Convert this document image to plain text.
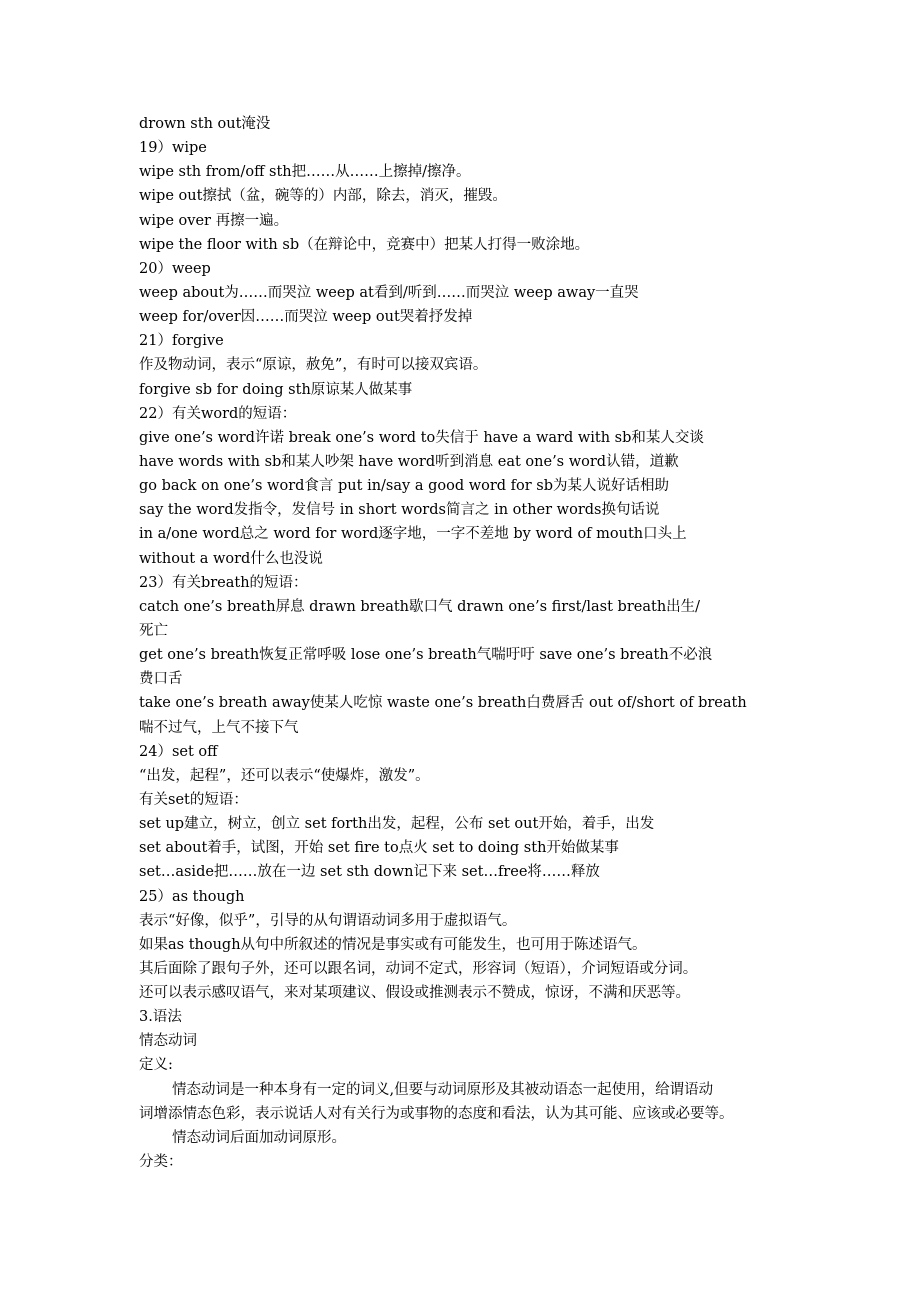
drown sth out淹没
19）wipe
wipe sth from/off sth把……从……上擦掉/擦净。
wipe out擦拭（盆，碗等的）内部，除去，消灭，摧毁。
wipe over 再擦一遍。
wipe the floor with sb（在辩论中，竞赛中）把某人打得一败涂地。
20）weep
weep about为……而哭泣 weep at看到/听到……而哭泣 weep away一直哭
weep for/over因……而哭泣 weep out哭着抒发掉
21）forgive
作及物动词，表示“原谅，赦免”，有时可以接双宾语。
forgive sb for doing sth原谅某人做某事
22）有关word的短语：
give one’s word许诺 break one’s word to失信于 have a ward with sb和某人交谈
have words with sb和某人吵架 have word听到消息 eat one’s word认错，道歉
go back on one’s word食言 put in/say a good word for sb为某人说好话相助
say the word发指令，发信号 in short words简言之 in other words换句话说
in a/one word总之 word for word逐字地，一字不差地 by word of mouth口头上
without a word什么也没说
23）有关breath的短语：
catch one’s breath屏息 drawn breath歇口气 drawn one’s first/last breath出生/
死亡
get one’s breath恢复正常呼吸 lose one’s breath气喘吁吁 save one’s breath不必浪
费口舌
take one’s breath away使某人吃惊 waste one’s breath白费唇舌 out of/short of breath
喘不过气，上气不接下气
24）set off
“出发，起程”，还可以表示“使爆炸，激发”。
有关set的短语：
set up建立，树立，创立 set forth出发，起程，公布 set out开始，着手，出发
set about着手，试图，开始 set fire to点火 set to doing sth开始做某事
set…aside把……放在一边 set sth down记下来 set…free将……释放
25）as though
表示“好像，似乎”，引导的从句谓语动词多用于虚拟语气。
如果as though从句中所叙述的情况是事实或有可能发生，也可用于陈述语气。
其后面除了跟句子外，还可以跟名词，动词不定式，形容词（短语），介词短语或分词。
还可以表示感叹语气，来对某项建议、假设或推测表示不赞成，惊讶，不满和厌恶等。
3.语法
情态动词
定义:
情态动词是一种本身有一定的词义,但要与动词原形及其被动语态一起使用，给谓语动
词增添情态色彩，表示说话人对有关行为或事物的态度和看法，认为其可能、应该或必要等。
情态动词后面加动词原形。
分类：
